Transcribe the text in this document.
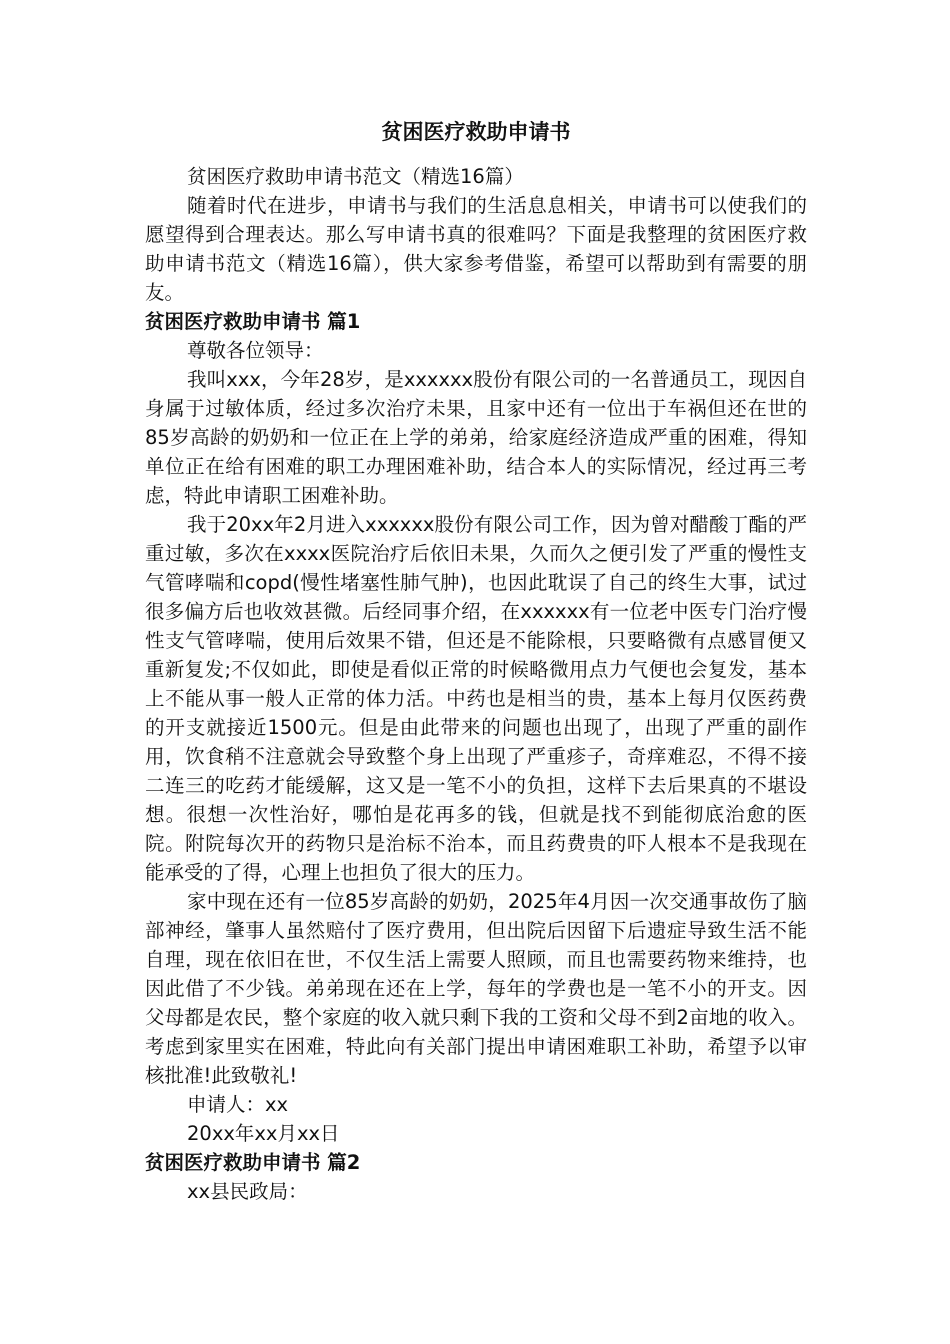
贫困医疗救助申请书

贫困医疗救助申请书范文（精选16篇）

随着时代在进步，申请书与我们的生活息息相关，申请书可以使我们的愿望得到合理表达。那么写申请书真的很难吗？下面是我整理的贫困医疗救助申请书范文（精选16篇），供大家参考借鉴，希望可以帮助到有需要的朋友。

贫困医疗救助申请书 篇1

尊敬各位领导：

我叫xxx，今年28岁，是xxxxxx股份有限公司的一名普通员工，现因自身属于过敏体质，经过多次治疗未果，且家中还有一位出于车祸但还在世的85岁高龄的奶奶和一位正在上学的弟弟，给家庭经济造成严重的困难，得知单位正在给有困难的职工办理困难补助，结合本人的实际情况，经过再三考虑，特此申请职工困难补助。

我于20xx年2月进入xxxxxx股份有限公司工作，因为曾对醋酸丁酯的严重过敏，多次在xxxx医院治疗后依旧未果，久而久之便引发了严重的慢性支气管哮喘和copd(慢性堵塞性肺气肿)，也因此耽误了自己的终生大事，试过很多偏方后也收效甚微。后经同事介绍，在xxxxxx有一位老中医专门治疗慢性支气管哮喘，使用后效果不错，但还是不能除根，只要略微有点感冒便又重新复发;不仅如此，即使是看似正常的时候略微用点力气便也会复发，基本上不能从事一般人正常的体力活。中药也是相当的贵，基本上每月仅医药费的开支就接近1500元。但是由此带来的问题也出现了，出现了严重的副作用，饮食稍不注意就会导致整个身上出现了严重疹子，奇痒难忍，不得不接二连三的吃药才能缓解，这又是一笔不小的负担，这样下去后果真的不堪设想。很想一次性治好，哪怕是花再多的钱，但就是找不到能彻底治愈的医院。附院每次开的药物只是治标不治本，而且药费贵的吓人根本不是我现在能承受的了得，心理上也担负了很大的压力。

家中现在还有一位85岁高龄的奶奶，2025年4月因一次交通事故伤了脑部神经，肇事人虽然赔付了医疗费用，但出院后因留下后遗症导致生活不能自理，现在依旧在世，不仅生活上需要人照顾，而且也需要药物来维持，也因此借了不少钱。弟弟现在还在上学，每年的学费也是一笔不小的开支。因父母都是农民，整个家庭的收入就只剩下我的工资和父母不到2亩地的收入。考虑到家里实在困难，特此向有关部门提出申请困难职工补助，希望予以审核批准!此致敬礼!

申请人：xx

20xx年xx月xx日

贫困医疗救助申请书 篇2

xx县民政局：
